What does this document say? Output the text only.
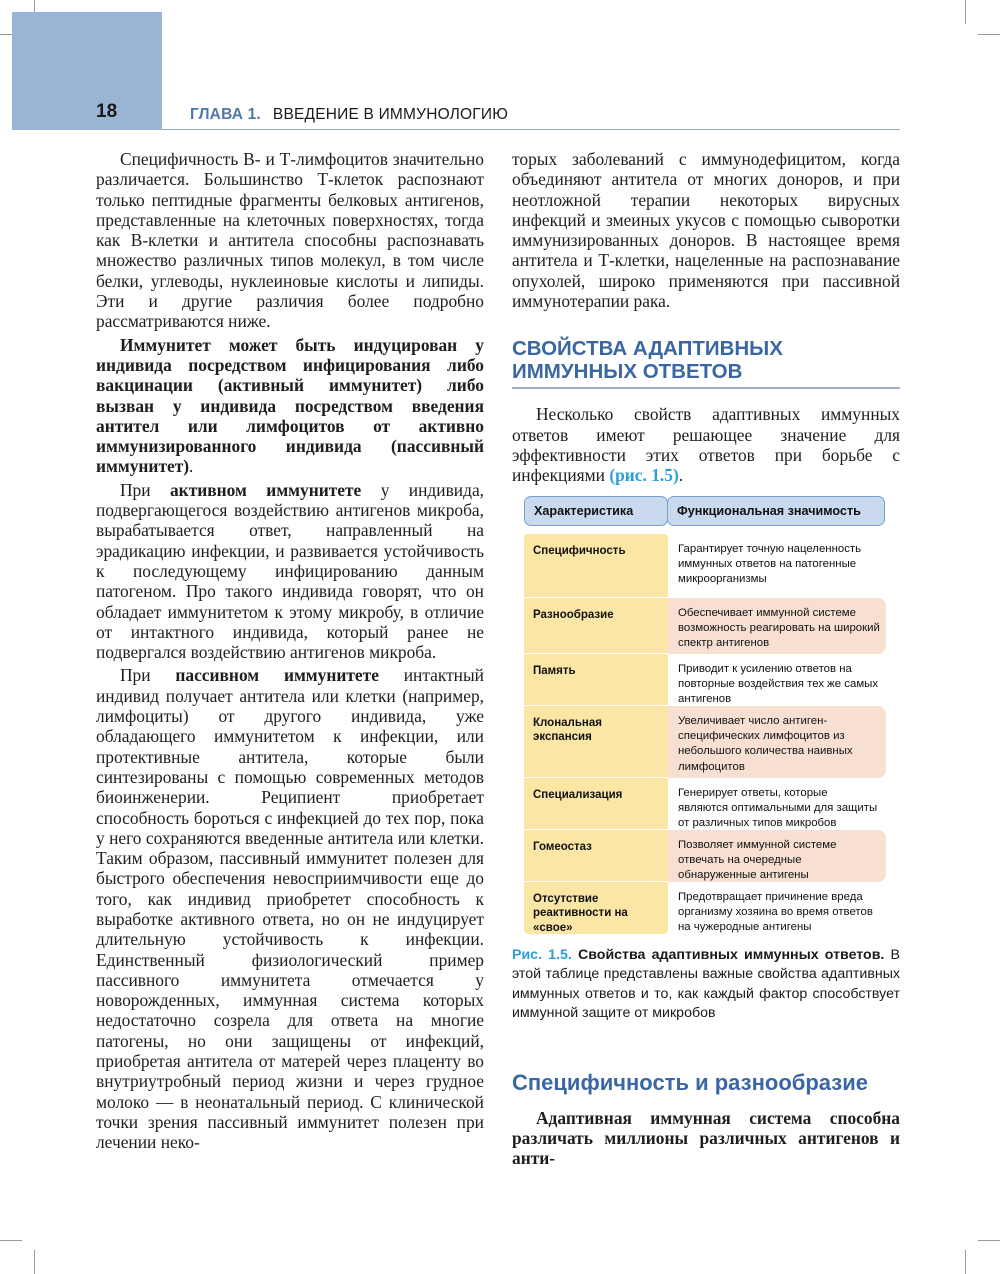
18	ГЛАВА 1. ВВЕДЕНИЕ В ИММУНОЛОГИЮ

Специфичность В- и Т-лимфоцитов значительно различается. Большинство Т-клеток распознают только пептидные фрагменты белковых антигенов, представленные на клеточных поверхностях, тогда как В-клетки и антитела способны распознавать множество различных типов молекул, в том числе белки, углеводы, нуклеиновые кислоты и липиды. Эти и другие различия более подробно рассматриваются ниже.

Иммунитет может быть индуцирован у индивида посредством инфицирования либо вакцинации (активный иммунитет) либо вызван у индивида посредством введения антител или лимфоцитов от активно иммунизированного индивида (пассивный иммунитет).

При активном иммунитете у индивида, подвергающегося воздействию антигенов микроба, вырабатывается ответ, направленный на эрадикацию инфекции, и развивается устойчивость к последующему инфицированию данным патогеном. Про такого индивида говорят, что он обладает иммунитетом к этому микробу, в отличие от интактного индивида, который ранее не подвергался воздействию антигенов микроба.

При пассивном иммунитете интактный индивид получает антитела или клетки (например, лимфоциты) от другого индивида, уже обладающего иммунитетом к инфекции, или протективные антитела, которые были синтезированы с помощью современных методов биоинженерии. Реципиент приобретает способность бороться с инфекцией до тех пор, пока у него сохраняются введенные антитела или клетки. Таким образом, пассивный иммунитет полезен для быстрого обеспечения невосприимчивости еще до того, как индивид приобретет способность к выработке активного ответа, но он не индуцирует длительную устойчивость к инфекции. Единственный физиологический пример пассивного иммунитета отмечается у новорожденных, иммунная система которых недостаточно созрела для ответа на многие патогены, но они защищены от инфекций, приобретая антитела от матерей через плаценту во внутриутробный период жизни и через грудное молоко — в неонатальный период. С клинической точки зрения пассивный иммунитет полезен при лечении неко-

торых заболеваний с иммунодефицитом, когда объединяют антитела от многих доноров, и при неотложной терапии некоторых вирусных инфекций и змеиных укусов с помощью сыворотки иммунизированных доноров. В настоящее время антитела и Т-клетки, нацеленные на распознавание опухолей, широко применяются при пассивной иммунотерапии рака.

СВОЙСТВА АДАПТИВНЫХ
ИММУННЫХ ОТВЕТОВ

Несколько свойств адаптивных иммунных ответов имеют решающее значение для эффективности этих ответов при борьбе с инфекциями (рис. 1.5).

Характеристика	Функциональная значимость
Специфичность
Разнообразие
Память
Клональная экспансия
Специализация
Гомеостаз
Отсутствие реактивности на «свое»
Гарантирует точную нацеленность иммунных ответов на патогенные микроорганизмы
Обеспечивает иммунной системе возможность реагировать на широкий спектр антигенов
Приводит к усилению ответов на повторные воздействия тех же самых антигенов
Увеличивает число антиген-специфических лимфоцитов из небольшого количества наивных лимфоцитов
Генерирует ответы, которые являются оптимальными для защиты от различных типов микробов
Позволяет иммунной системе отвечать на очередные обнаруженные антигены
Предотвращает причинение вреда организму хозяина во время ответов на чужеродные антигены
Рис. 1.5. Свойства адаптивных иммунных ответов. В этой таблице представлены важные свойства адаптивных иммунных ответов и то, как каждый фактор способствует иммунной защите от микробов
Специфичность и разнообразие

Адаптивная иммунная система способна различать миллионы различных антигенов и анти-
